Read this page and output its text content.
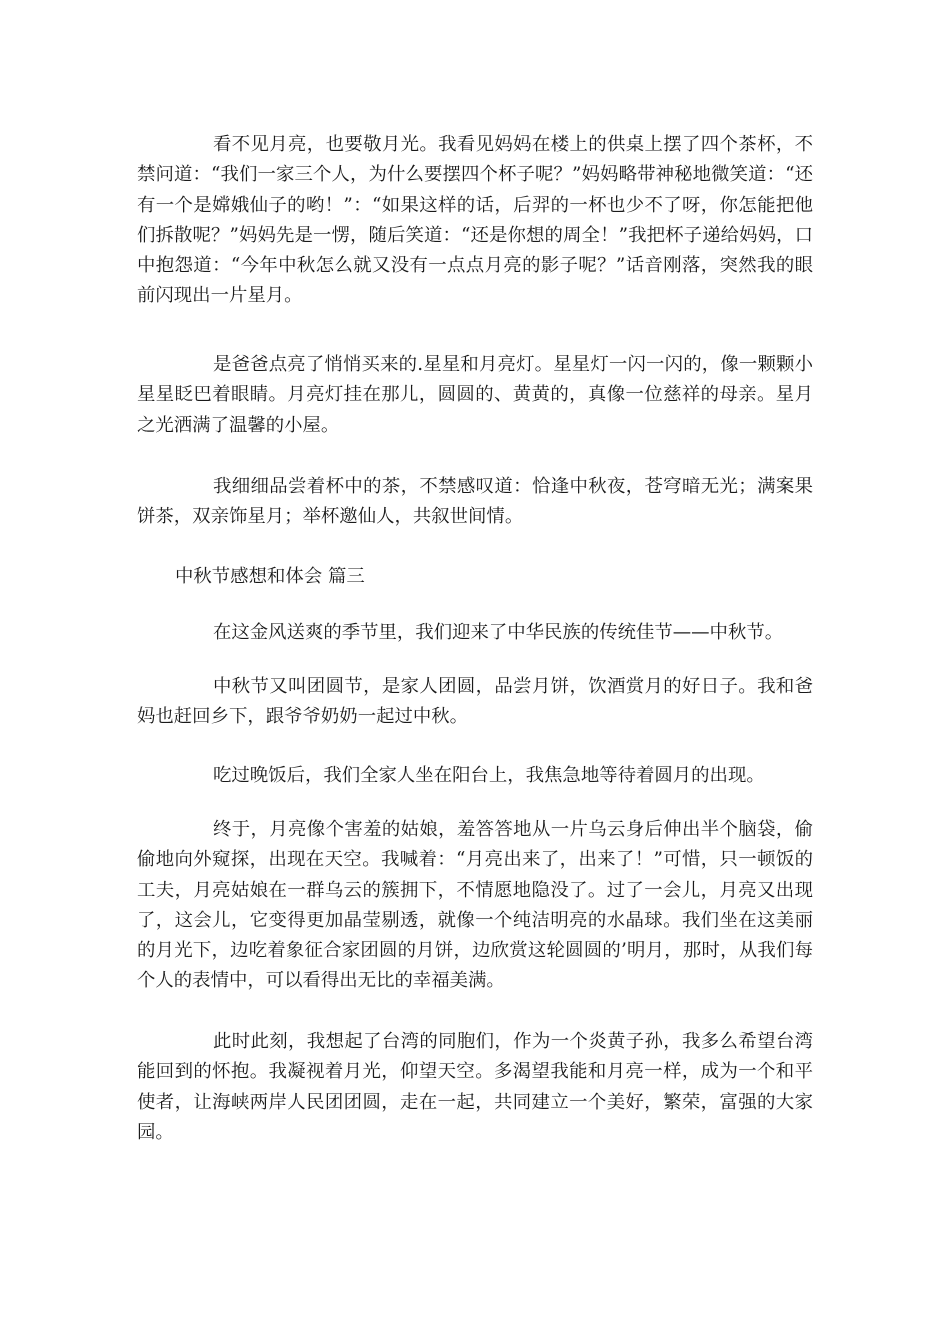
看不见月亮，也要敬月光。我看见妈妈在楼上的供桌上摆了四个茶杯，不禁问道：“我们一家三个人，为什么要摆四个杯子呢？”妈妈略带神秘地微笑道：“还有一个是嫦娥仙子的哟！”：“如果这样的话，后羿的一杯也少不了呀，你怎能把他们拆散呢？”妈妈先是一愣，随后笑道：“还是你想的周全！”我把杯子递给妈妈，口中抱怨道：“今年中秋怎么就又没有一点点月亮的影子呢？”话音刚落，突然我的眼前闪现出一片星月。

是爸爸点亮了悄悄买来的.星星和月亮灯。星星灯一闪一闪的，像一颗颗小星星眨巴着眼睛。月亮灯挂在那儿，圆圆的、黄黄的，真像一位慈祥的母亲。星月之光洒满了温馨的小屋。

我细细品尝着杯中的茶，不禁感叹道：恰逢中秋夜，苍穹暗无光；满案果饼茶，双亲饰星月；举杯邀仙人，共叙世间情。

中秋节感想和体会 篇三

在这金风送爽的季节里，我们迎来了中华民族的传统佳节——中秋节。

中秋节又叫团圆节，是家人团圆，品尝月饼，饮酒赏月的好日子。我和爸妈也赶回乡下，跟爷爷奶奶一起过中秋。

吃过晚饭后，我们全家人坐在阳台上，我焦急地等待着圆月的出现。

终于，月亮像个害羞的姑娘，羞答答地从一片乌云身后伸出半个脑袋，偷偷地向外窥探，出现在天空。我喊着：“月亮出来了，出来了！”可惜，只一顿饭的工夫，月亮姑娘在一群乌云的簇拥下，不情愿地隐没了。过了一会儿，月亮又出现了，这会儿，它变得更加晶莹剔透，就像一个纯洁明亮的水晶球。我们坐在这美丽的月光下，边吃着象征合家团圆的月饼，边欣赏这轮圆圆的’明月，那时，从我们每个人的表情中，可以看得出无比的幸福美满。

此时此刻，我想起了台湾的同胞们，作为一个炎黄子孙，我多么希望台湾能回到的怀抱。我凝视着月光，仰望天空。多渴望我能和月亮一样，成为一个和平使者，让海峡两岸人民团团圆，走在一起，共同建立一个美好，繁荣，富强的大家园。
